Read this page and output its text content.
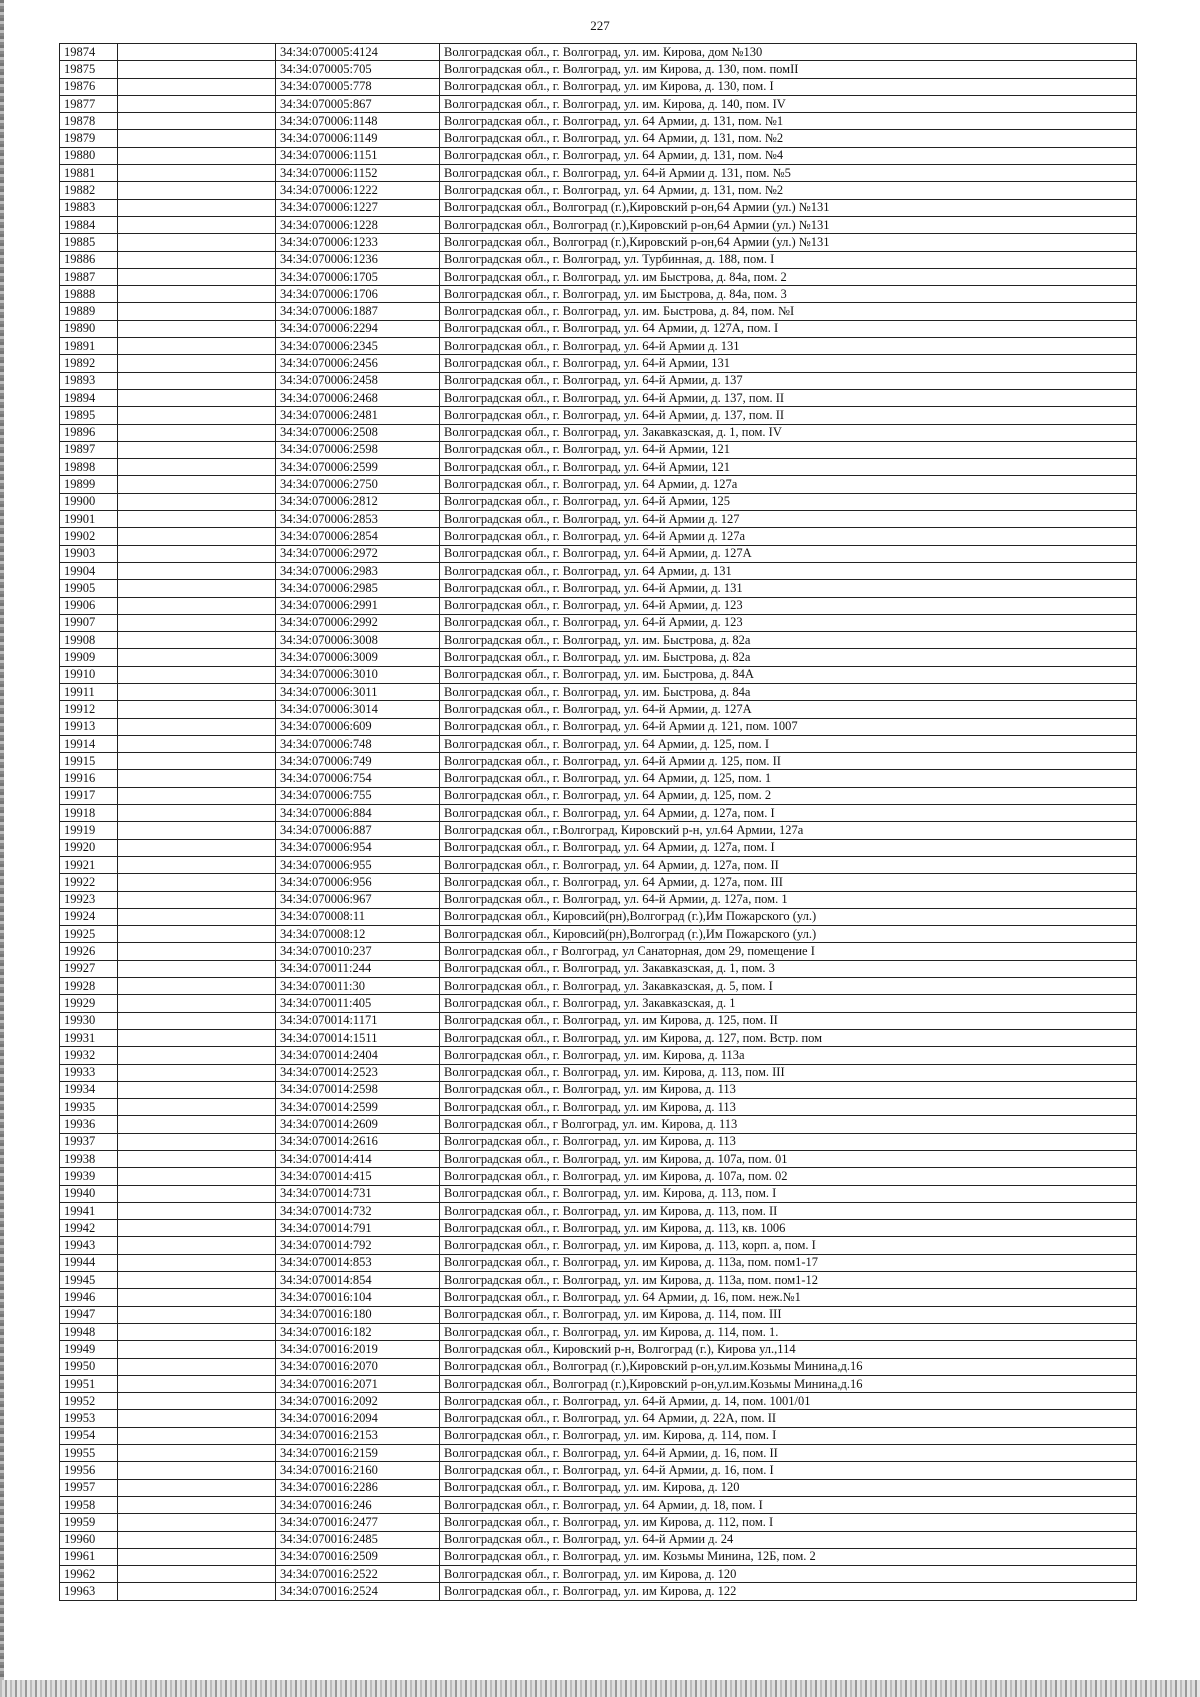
227
19874		34:34:070005:4124	Волгоградская обл., г. Волгоград, ул. им. Кирова, дом №130
19875		34:34:070005:705	Волгоградская обл., г. Волгоград, ул. им Кирова, д. 130, пом. помII
19876		34:34:070005:778	Волгоградская обл., г. Волгоград, ул. им Кирова, д. 130, пом. I
19877		34:34:070005:867	Волгоградская обл., г. Волгоград, ул. им. Кирова, д. 140, пом. IV
19878		34:34:070006:1148	Волгоградская обл., г. Волгоград, ул. 64 Армии, д. 131, пом. №1
19879		34:34:070006:1149	Волгоградская обл., г. Волгоград, ул. 64 Армии, д. 131, пом. №2
19880		34:34:070006:1151	Волгоградская обл., г. Волгоград, ул. 64 Армии, д. 131, пом. №4
19881		34:34:070006:1152	Волгоградская обл., г. Волгоград, ул. 64-й Армии д. 131, пом. №5
19882		34:34:070006:1222	Волгоградская обл., г. Волгоград, ул. 64 Армии, д. 131, пом. №2
19883		34:34:070006:1227	Волгоградская обл., Волгоград (г.),Кировский р-он,64 Армии (ул.) №131
19884		34:34:070006:1228	Волгоградская обл., Волгоград (г.),Кировский р-он,64 Армии (ул.) №131
19885		34:34:070006:1233	Волгоградская обл., Волгоград (г.),Кировский р-он,64 Армии (ул.) №131
19886		34:34:070006:1236	Волгоградская обл., г. Волгоград, ул. Турбинная, д. 188, пом. I
19887		34:34:070006:1705	Волгоградская обл., г. Волгоград, ул. им Быстрова, д. 84а, пом. 2
19888		34:34:070006:1706	Волгоградская обл., г. Волгоград, ул. им Быстрова, д. 84а, пом. 3
19889		34:34:070006:1887	Волгоградская обл., г. Волгоград, ул. им. Быстрова, д. 84, пом. №I
19890		34:34:070006:2294	Волгоградская обл., г. Волгоград, ул. 64 Армии, д. 127А, пом. I
19891		34:34:070006:2345	Волгоградская обл., г. Волгоград, ул. 64-й Армии д. 131
19892		34:34:070006:2456	Волгоградская обл., г. Волгоград, ул. 64-й Армии, 131
19893		34:34:070006:2458	Волгоградская обл., г. Волгоград, ул. 64-й Армии, д. 137
19894		34:34:070006:2468	Волгоградская обл., г. Волгоград, ул. 64-й Армии, д. 137, пом. II
19895		34:34:070006:2481	Волгоградская обл., г. Волгоград, ул. 64-й Армии, д. 137, пом. II
19896		34:34:070006:2508	Волгоградская обл., г. Волгоград, ул. Закавказская, д. 1, пом. IV
19897		34:34:070006:2598	Волгоградская обл., г. Волгоград, ул. 64-й Армии, 121
19898		34:34:070006:2599	Волгоградская обл., г. Волгоград, ул. 64-й Армии, 121
19899		34:34:070006:2750	Волгоградская обл., г. Волгоград, ул. 64 Армии, д. 127а
19900		34:34:070006:2812	Волгоградская обл., г. Волгоград, ул. 64-й Армии, 125
19901		34:34:070006:2853	Волгоградская обл., г. Волгоград, ул. 64-й Армии д. 127
19902		34:34:070006:2854	Волгоградская обл., г. Волгоград, ул. 64-й Армии д. 127а
19903		34:34:070006:2972	Волгоградская обл., г. Волгоград, ул. 64-й Армии, д. 127А
19904		34:34:070006:2983	Волгоградская обл., г. Волгоград, ул. 64 Армии, д. 131
19905		34:34:070006:2985	Волгоградская обл., г. Волгоград, ул. 64-й Армии, д. 131
19906		34:34:070006:2991	Волгоградская обл., г. Волгоград, ул. 64-й Армии, д. 123
19907		34:34:070006:2992	Волгоградская обл., г. Волгоград, ул. 64-й Армии, д. 123
19908		34:34:070006:3008	Волгоградская обл., г. Волгоград, ул. им. Быстрова, д. 82а
19909		34:34:070006:3009	Волгоградская обл., г. Волгоград, ул. им. Быстрова, д. 82а
19910		34:34:070006:3010	Волгоградская обл., г. Волгоград, ул. им. Быстрова, д. 84А
19911		34:34:070006:3011	Волгоградская обл., г. Волгоград, ул. им. Быстрова, д. 84а
19912		34:34:070006:3014	Волгоградская обл., г. Волгоград, ул. 64-й Армии, д. 127А
19913		34:34:070006:609	Волгоградская обл., г. Волгоград, ул. 64-й Армии д. 121, пом. 1007
19914		34:34:070006:748	Волгоградская обл., г. Волгоград, ул. 64 Армии, д. 125, пом. I
19915		34:34:070006:749	Волгоградская обл., г. Волгоград, ул. 64-й Армии д. 125, пом. II
19916		34:34:070006:754	Волгоградская обл., г. Волгоград, ул. 64 Армии, д. 125, пом. 1
19917		34:34:070006:755	Волгоградская обл., г. Волгоград, ул. 64 Армии, д. 125, пом. 2
19918		34:34:070006:884	Волгоградская обл., г. Волгоград, ул. 64 Армии, д. 127а, пом. I
19919		34:34:070006:887	Волгоградская обл., г.Волгоград, Кировский р-н, ул.64 Армии, 127а
19920		34:34:070006:954	Волгоградская обл., г. Волгоград, ул. 64 Армии, д. 127а, пом. I
19921		34:34:070006:955	Волгоградская обл., г. Волгоград, ул. 64 Армии, д. 127а, пом. II
19922		34:34:070006:956	Волгоградская обл., г. Волгоград, ул. 64 Армии, д. 127а, пом. III
19923		34:34:070006:967	Волгоградская обл., г. Волгоград, ул. 64-й Армии, д. 127а, пом. 1
19924		34:34:070008:11	Волгоградская обл., Кировсий(рн),Волгоград (г.),Им Пожарского (ул.)
19925		34:34:070008:12	Волгоградская обл., Кировсий(рн),Волгоград (г.),Им Пожарского (ул.)
19926		34:34:070010:237	Волгоградская обл., г Волгоград, ул Санаторная, дом 29, помещение I
19927		34:34:070011:244	Волгоградская обл., г. Волгоград, ул. Закавказская, д. 1, пом. 3
19928		34:34:070011:30	Волгоградская обл., г. Волгоград, ул. Закавказская, д. 5, пом. I
19929		34:34:070011:405	Волгоградская обл., г. Волгоград, ул. Закавказская, д. 1
19930		34:34:070014:1171	Волгоградская обл., г. Волгоград, ул. им Кирова, д. 125, пом. II
19931		34:34:070014:1511	Волгоградская обл., г. Волгоград, ул. им Кирова, д. 127, пом. Встр. пом
19932		34:34:070014:2404	Волгоградская обл., г. Волгоград, ул. им. Кирова, д. 113а
19933		34:34:070014:2523	Волгоградская обл., г. Волгоград, ул. им. Кирова, д. 113, пом. III
19934		34:34:070014:2598	Волгоградская обл., г. Волгоград, ул. им Кирова, д. 113
19935		34:34:070014:2599	Волгоградская обл., г. Волгоград, ул. им Кирова, д. 113
19936		34:34:070014:2609	Волгоградская обл., г Волгоград, ул. им. Кирова, д. 113
19937		34:34:070014:2616	Волгоградская обл., г. Волгоград, ул. им Кирова, д. 113
19938		34:34:070014:414	Волгоградская обл., г. Волгоград, ул. им Кирова, д. 107а, пом. 01
19939		34:34:070014:415	Волгоградская обл., г. Волгоград, ул. им Кирова, д. 107а, пом. 02
19940		34:34:070014:731	Волгоградская обл., г. Волгоград, ул. им. Кирова, д. 113, пом. I
19941		34:34:070014:732	Волгоградская обл., г. Волгоград, ул. им Кирова, д. 113, пом. II
19942		34:34:070014:791	Волгоградская обл., г. Волгоград, ул. им Кирова, д. 113, кв. 1006
19943		34:34:070014:792	Волгоградская обл., г. Волгоград, ул. им Кирова, д. 113, корп. а, пом. I
19944		34:34:070014:853	Волгоградская обл., г. Волгоград, ул. им Кирова, д. 113а, пом. пом1-17
19945		34:34:070014:854	Волгоградская обл., г. Волгоград, ул. им Кирова, д. 113а, пом. пом1-12
19946		34:34:070016:104	Волгоградская обл., г. Волгоград, ул. 64 Армии, д. 16, пом. неж.№1
19947		34:34:070016:180	Волгоградская обл., г. Волгоград, ул. им Кирова, д. 114, пом. III
19948		34:34:070016:182	Волгоградская обл., г. Волгоград, ул. им Кирова, д. 114, пом. 1.
19949		34:34:070016:2019	Волгоградская обл., Кировский р-н, Волгоград (г.), Кирова ул.,114
19950		34:34:070016:2070	Волгоградская обл., Волгоград (г.),Кировский р-он,ул.им.Козьмы Минина,д.16
19951		34:34:070016:2071	Волгоградская обл., Волгоград (г.),Кировский р-он,ул.им.Козьмы Минина,д.16
19952		34:34:070016:2092	Волгоградская обл., г. Волгоград, ул. 64-й Армии, д. 14, пом. 1001/01
19953		34:34:070016:2094	Волгоградская обл., г. Волгоград, ул. 64 Армии, д. 22А, пом. II
19954		34:34:070016:2153	Волгоградская обл., г. Волгоград, ул. им. Кирова, д. 114, пом. I
19955		34:34:070016:2159	Волгоградская обл., г. Волгоград, ул. 64-й Армии, д. 16, пом. II
19956		34:34:070016:2160	Волгоградская обл., г. Волгоград, ул. 64-й Армии, д. 16, пом. I
19957		34:34:070016:2286	Волгоградская обл., г. Волгоград, ул. им. Кирова, д. 120
19958		34:34:070016:246	Волгоградская обл., г. Волгоград, ул. 64 Армии, д. 18, пом. I
19959		34:34:070016:2477	Волгоградская обл., г. Волгоград, ул. им Кирова, д. 112, пом. I
19960		34:34:070016:2485	Волгоградская обл., г. Волгоград, ул. 64-й Армии д. 24
19961		34:34:070016:2509	Волгоградская обл., г. Волгоград, ул. им. Козьмы Минина, 12Б, пом. 2
19962		34:34:070016:2522	Волгоградская обл., г. Волгоград, ул. им Кирова, д. 120
19963		34:34:070016:2524	Волгоградская обл., г. Волгоград, ул. им Кирова, д. 122
